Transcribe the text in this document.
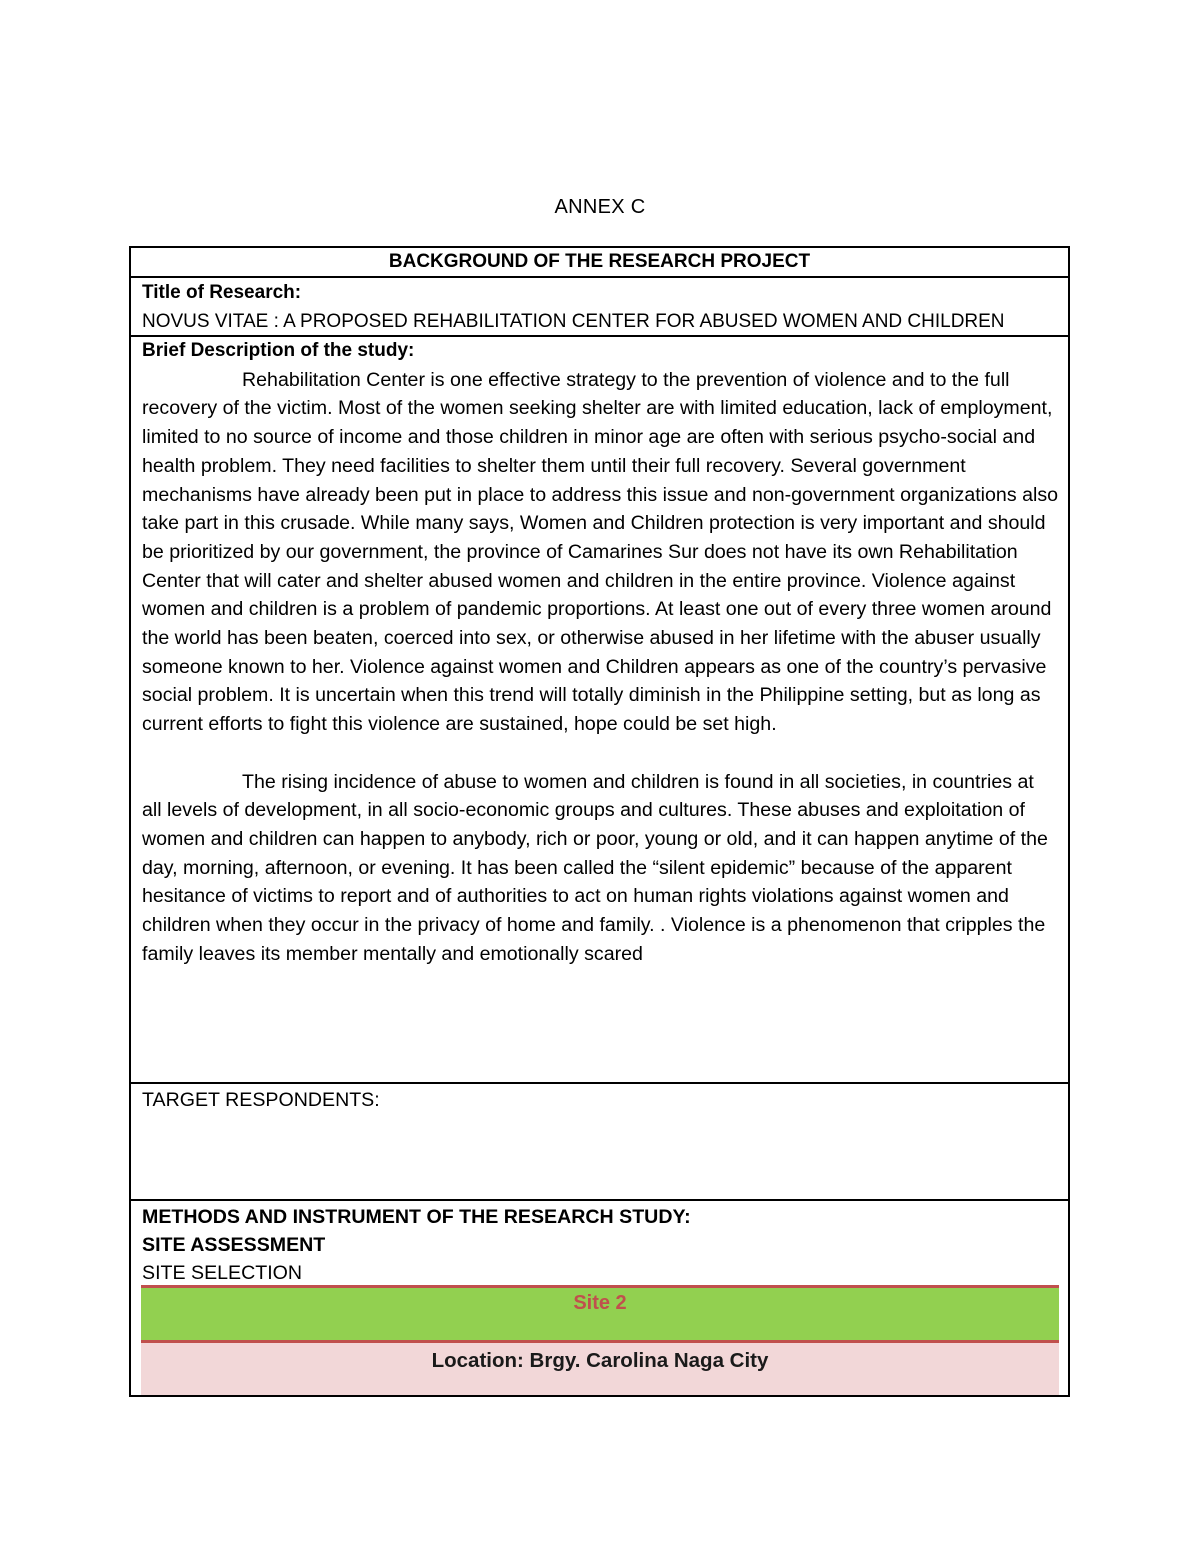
ANNEX C
BACKGROUND OF THE RESEARCH PROJECT
Title of Research:
NOVUS VITAE : A PROPOSED REHABILITATION CENTER FOR ABUSED WOMEN AND CHILDREN
Brief Description of the study:

Rehabilitation Center is one effective strategy to the prevention of violence and to the full recovery of the victim. Most of the women seeking shelter are with limited education, lack of employment, limited to no source of income and those children in minor age are often with serious psycho-social and health problem. They need facilities to shelter them until their full recovery. Several government mechanisms have already been put in place to address this issue and non-government organizations also take part in this crusade. While many says, Women and Children protection is very important and should be prioritized by our government, the province of Camarines Sur does not have its own Rehabilitation Center that will cater and shelter abused women and children in the entire province. Violence against women and children is a problem of pandemic proportions. At least one out of every three women around the world has been beaten, coerced into sex, or otherwise abused in her lifetime with the abuser usually someone known to her. Violence against women and Children appears as one of the country’s pervasive social problem. It is uncertain when this trend will totally diminish in the Philippine setting, but as long as current efforts to fight this violence are sustained, hope could be set high.

The rising incidence of abuse to women and children is found in all societies, in countries at all levels of development, in all socio-economic groups and cultures. These abuses and exploitation of women and children can happen to anybody, rich or poor, young or old, and it can happen anytime of the day, morning, afternoon, or evening. It has been called the “silent epidemic” because of the apparent hesitance of victims to report and of authorities to act on human rights violations against women and children when they occur in the privacy of home and family. . Violence is a phenomenon that cripples the family leaves its member mentally and emotionally scared

TARGET RESPONDENTS:
METHODS AND INSTRUMENT OF THE RESEARCH STUDY:
SITE ASSESSMENT
SITE SELECTION
Site 2
Location: Brgy. Carolina Naga City
